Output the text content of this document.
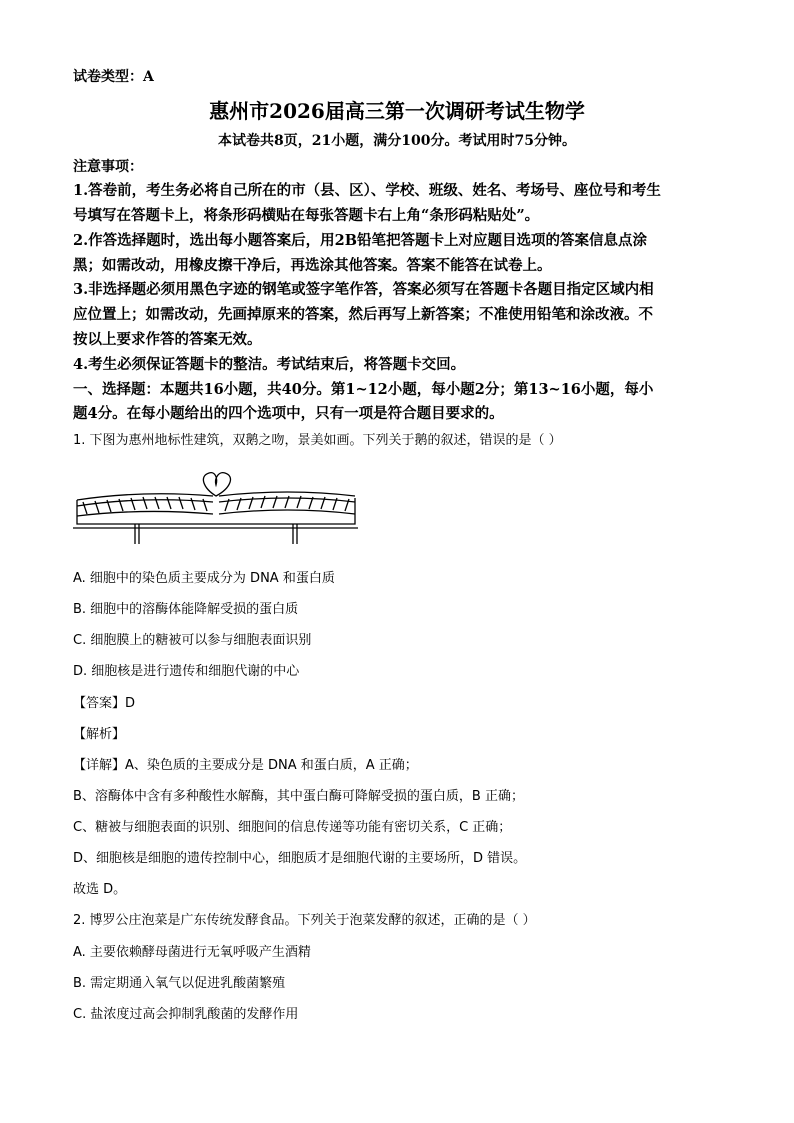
试卷类型：A
惠州市2026届高三第一次调研考试生物学
本试卷共8页，21小题，满分100分。考试用时75分钟。
注意事项：
1.答卷前，考生务必将自己所在的市（县、区）、学校、班级、姓名、考场号、座位号和考生
号填写在答题卡上，将条形码横贴在每张答题卡右上角“条形码粘贴处”。
2.作答选择题时，选出每小题答案后，用2B铅笔把答题卡上对应题目选项的答案信息点涂
黑；如需改动，用橡皮擦干净后，再选涂其他答案。答案不能答在试卷上。
3.非选择题必须用黑色字迹的钢笔或签字笔作答，答案必须写在答题卡各题目指定区域内相
应位置上；如需改动，先画掉原来的答案，然后再写上新答案；不准使用铅笔和涂改液。不
按以上要求作答的答案无效。
4.考生必须保证答题卡的整洁。考试结束后，将答题卡交回。
一、选择题：本题共16小题，共40分。第1~12小题，每小题2分；第13~16小题，每小
题4分。在每小题给出的四个选项中，只有一项是符合题目要求的。
1. 下图为惠州地标性建筑，双鹅之吻，景美如画。下列关于鹅的叙述，错误的是（ ）
A. 细胞中的染色质主要成分为 DNA 和蛋白质
B. 细胞中的溶酶体能降解受损的蛋白质
C. 细胞膜上的糖被可以参与细胞表面识别
D. 细胞核是进行遗传和细胞代谢的中心
【答案】D
【解析】
【详解】A、染色质的主要成分是 DNA 和蛋白质，A 正确；
B、溶酶体中含有多种酸性水解酶，其中蛋白酶可降解受损的蛋白质，B 正确；
C、糖被与细胞表面的识别、细胞间的信息传递等功能有密切关系，C 正确；
D、细胞核是细胞的遗传控制中心，细胞质才是细胞代谢的主要场所，D 错误。
故选 D。
2. 博罗公庄泡菜是广东传统发酵食品。下列关于泡菜发酵的叙述，正确的是（ ）
A. 主要依赖酵母菌进行无氧呼吸产生酒精
B. 需定期通入氧气以促进乳酸菌繁殖
C. 盐浓度过高会抑制乳酸菌的发酵作用
